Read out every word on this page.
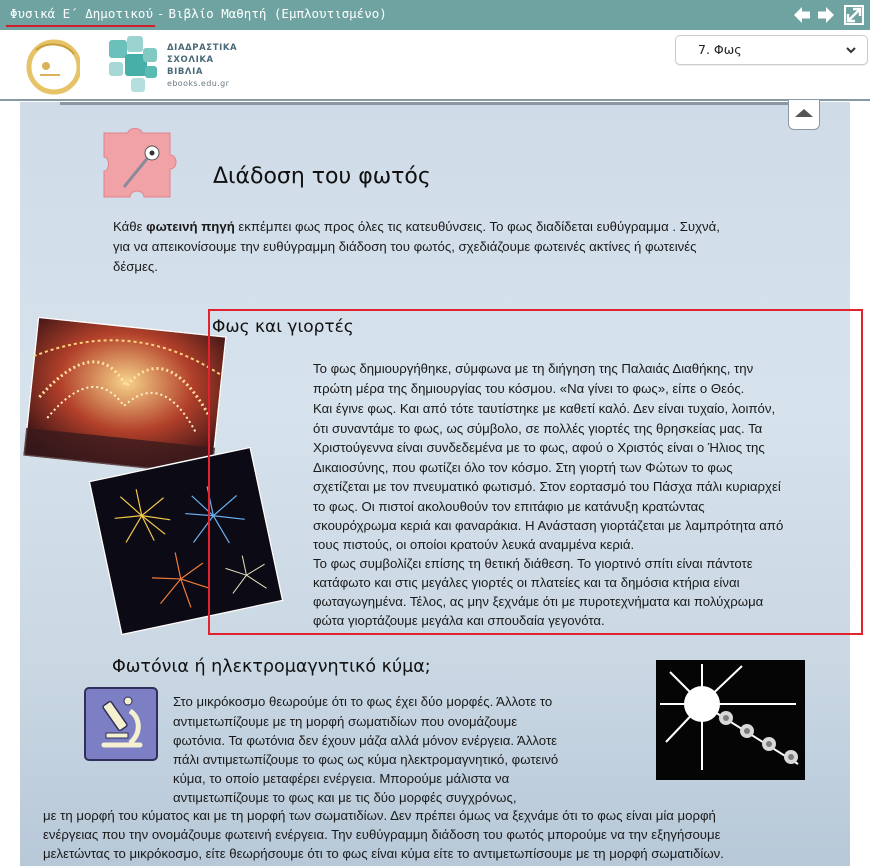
Φυσικά Ε΄ Δημοτικού - Βιβλίο Μαθητή (Εμπλουτισμένο)
ΔΙΑΔΡΑΣΤΙΚΑ
ΣΧΟΛΙΚΑ
ΒΙΒΛΙΑ
ebooks.edu.gr
7. Φως
Διάδοση του φωτός
Κάθε φωτεινή πηγή εκπέμπει φως προς όλες τις κατευθύνσεις. Το φως διαδίδεται ευθύγραμμα . Συχνά,
για να απεικονίσουμε την ευθύγραμμη διάδοση του φωτός, σχεδιάζουμε φωτεινές ακτίνες ή φωτεινές
δέσμες.
Φως και γιορτές
Το φως δημιουργήθηκε, σύμφωνα με τη διήγηση της Παλαιάς Διαθήκης, την
πρώτη μέρα της δημιουργίας του κόσμου. «Να γίνει το φως», είπε ο Θεός.
Και έγινε φως. Και από τότε ταυτίστηκε με καθετί καλό. Δεν είναι τυχαίο, λοιπόν,
ότι συναντάμε το φως, ως σύμβολο, σε πολλές γιορτές της θρησκείας μας. Τα
Χριστούγεννα είναι συνδεδεμένα με το φως, αφού ο Χριστός είναι ο Ήλιος της
Δικαιοσύνης, που φωτίζει όλο τον κόσμο. Στη γιορτή των Φώτων το φως
σχετίζεται με τον πνευματικό φωτισμό. Στον εορτασμό του Πάσχα πάλι κυριαρχεί
το φως. Οι πιστοί ακολουθούν τον επιτάφιο με κατάνυξη κρατώντας
σκουρόχρωμα κεριά και φαναράκια. Η Ανάσταση γιορτάζεται με λαμπρότητα από
τους πιστούς, οι οποίοι κρατούν λευκά αναμμένα κεριά.
Το φως συμβολίζει επίσης τη θετική διάθεση. Το γιορτινό σπίτι είναι πάντοτε
κατάφωτο και στις μεγάλες γιορτές οι πλατείες και τα δημόσια κτήρια είναι
φωταγωγημένα. Τέλος, ας μην ξεχνάμε ότι με πυροτεχνήματα και πολύχρωμα
φώτα γιορτάζουμε μεγάλα και σπουδαία γεγονότα.
Φωτόνια ή ηλεκτρομαγνητικό κύμα;
Στο μικρόκοσμο θεωρούμε ότι το φως έχει δύο μορφές. Άλλοτε το
αντιμετωπίζουμε με τη μορφή σωματιδίων που ονομάζουμε
φωτόνια. Τα φωτόνια δεν έχουν μάζα αλλά μόνον ενέργεια. Άλλοτε
πάλι αντιμετωπίζουμε το φως ως κύμα ηλεκτρομαγνητικό, φωτεινό
κύμα, το οποίο μεταφέρει ενέργεια. Μπορούμε μάλιστα να
αντιμετωπίζουμε το φως και με τις δύο μορφές συγχρόνως,
με τη μορφή του κύματος και με τη μορφή των σωματιδίων. Δεν πρέπει όμως να ξεχνάμε ότι το φως είναι μία μορφή
ενέργειας που την ονομάζουμε φωτεινή ενέργεια. Την ευθύγραμμη διάδοση του φωτός μπορούμε να την εξηγήσουμε
μελετώντας το μικρόκοσμο, είτε θεωρήσουμε ότι το φως είναι κύμα είτε το αντιμετωπίσουμε με τη μορφή σωματιδίων.
